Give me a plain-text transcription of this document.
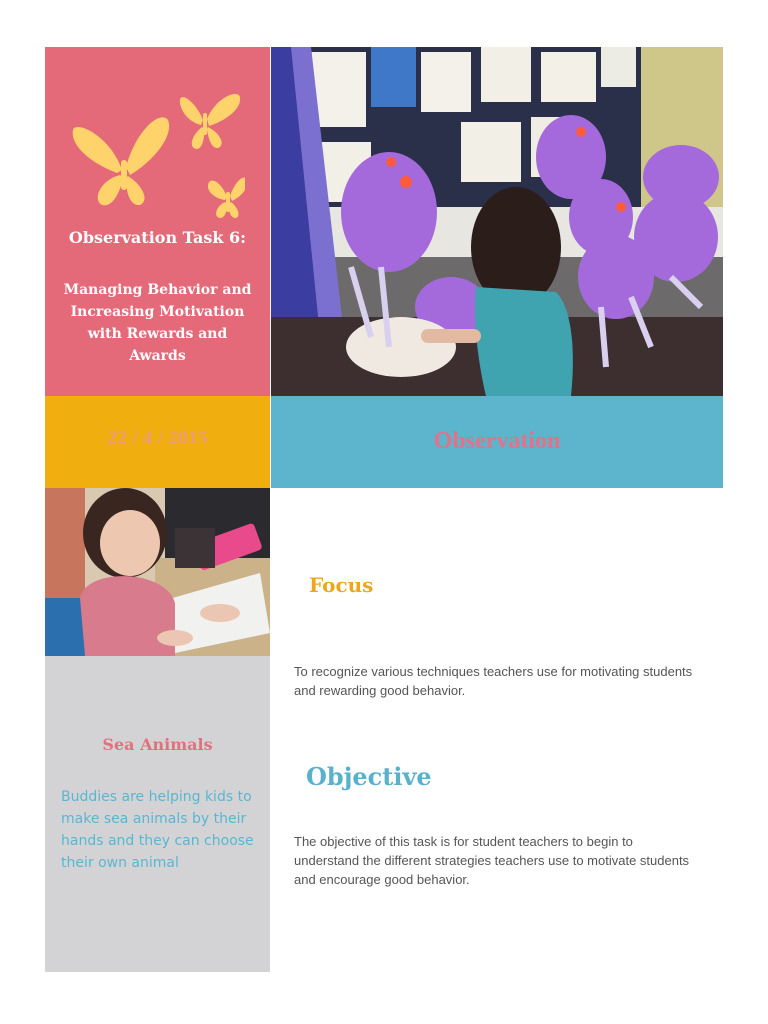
Observation Task 6:
Managing Behavior and Increasing Motivation with Rewards and Awards
22 / 4 / 2015	Observation
Sea Animals
Buddies are helping kids to make sea animals by their hands and they can choose their own animal
Focus
To recognize various techniques teachers use for motivating students and rewarding good behavior.
Objective
The objective of this task is for student teachers to begin to understand the different strategies teachers use to motivate students and encourage good behavior.
